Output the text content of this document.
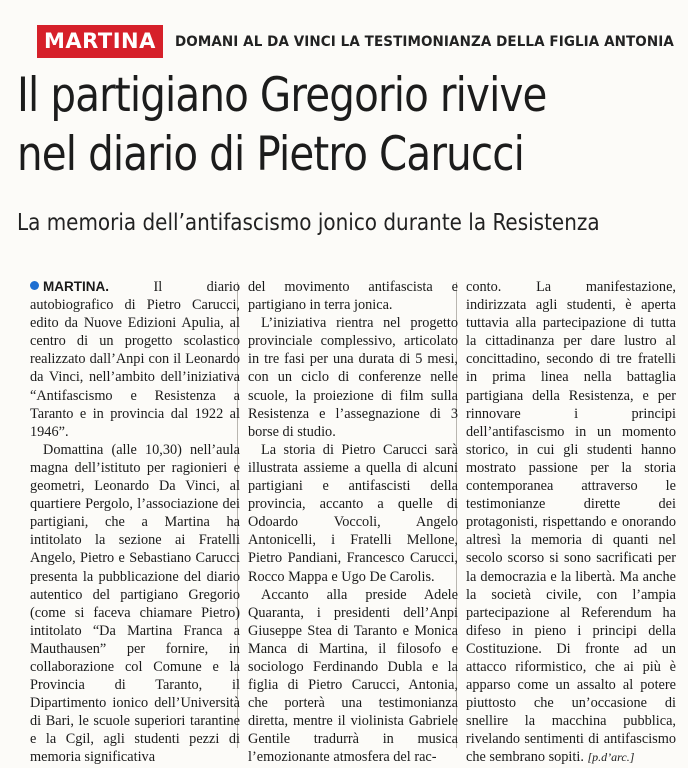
MARTINA	DOMANI AL DA VINCI LA TESTIMONIANZA DELLA FIGLIA ANTONIA
Il partigiano Gregorio rivive
nel diario di Pietro Carucci
La memoria dell’antifascismo jonico durante la Resistenza

MARTINA. Il diario autobiografico di Pietro Carucci, edito da Nuove Edizioni Apulia, al centro di un progetto scolastico realizzato dall’Anpi con il Leonardo da Vinci, nell’ambito dell’iniziativa “Antifascismo e Resistenza a Taranto e in provincia dal 1922 al 1946”.

Domattina (alle 10,30) nell’aula magna dell’istituto per ragionieri e geometri, Leonardo Da Vinci, al quartiere Pergolo, l’associazione dei partigiani, che a Martina ha intitolato la sezione ai Fratelli Angelo, Pietro e Sebastiano Carucci presenta la pubblicazione del diario autentico del partigiano Gregorio (come si faceva chiamare Pietro) intitolato “Da Martina Franca a Mauthausen” per fornire, in collaborazione col Comune e la Provincia di Taranto, il Dipartimento ionico dell’Università di Bari, le scuole superiori tarantine e la Cgil, agli studenti pezzi di memoria significativa

del movimento antifascista e partigiano in terra jonica.

L’iniziativa rientra nel progetto provinciale complessivo, articolato in tre fasi per una durata di 5 mesi, con un ciclo di conferenze nelle scuole, la proiezione di film sulla Resistenza e l’assegnazione di 3 borse di studio.

La storia di Pietro Carucci sarà illustrata assieme a quella di alcuni partigiani e antifascisti della provincia, accanto a quelle di Odoardo Voccoli, Angelo Antonicelli, i Fratelli Mellone, Pietro Pandiani, Francesco Carucci, Rocco Mappa e Ugo De Carolis.

Accanto alla preside Adele Quaranta, i presidenti dell’Anpi Giuseppe Stea di Taranto e Monica Manca di Martina, il filosofo e sociologo Ferdinando Dubla e la figlia di Pietro Carucci, Antonia, che porterà una testimonianza diretta, mentre il violinista Gabriele Gentile tradurrà in musica l’emozionante atmosfera del rac-

conto. La manifestazione, indirizzata agli studenti, è aperta tuttavia alla partecipazione di tutta la cittadinanza per dare lustro al concittadino, secondo di tre fratelli in prima linea nella battaglia partigiana della Resistenza, e per rinnovare i principi dell’antifascismo in un momento storico, in cui gli studenti hanno mostrato passione per la storia contemporanea attraverso le testimonianze dirette dei protagonisti, rispettando e onorando altresì la memoria di quanti nel secolo scorso si sono sacrificati per la democrazia e la libertà. Ma anche la società civile, con l’ampia partecipazione al Referendum ha difeso in pieno i principi della Costituzione. Di fronte ad un attacco riformistico, che ai più è apparso come un assalto al potere piuttosto che un’occasione di snellire la macchina pubblica, rivelando sentimenti di antifascismo che sembrano sopiti. [p.d’arc.]
